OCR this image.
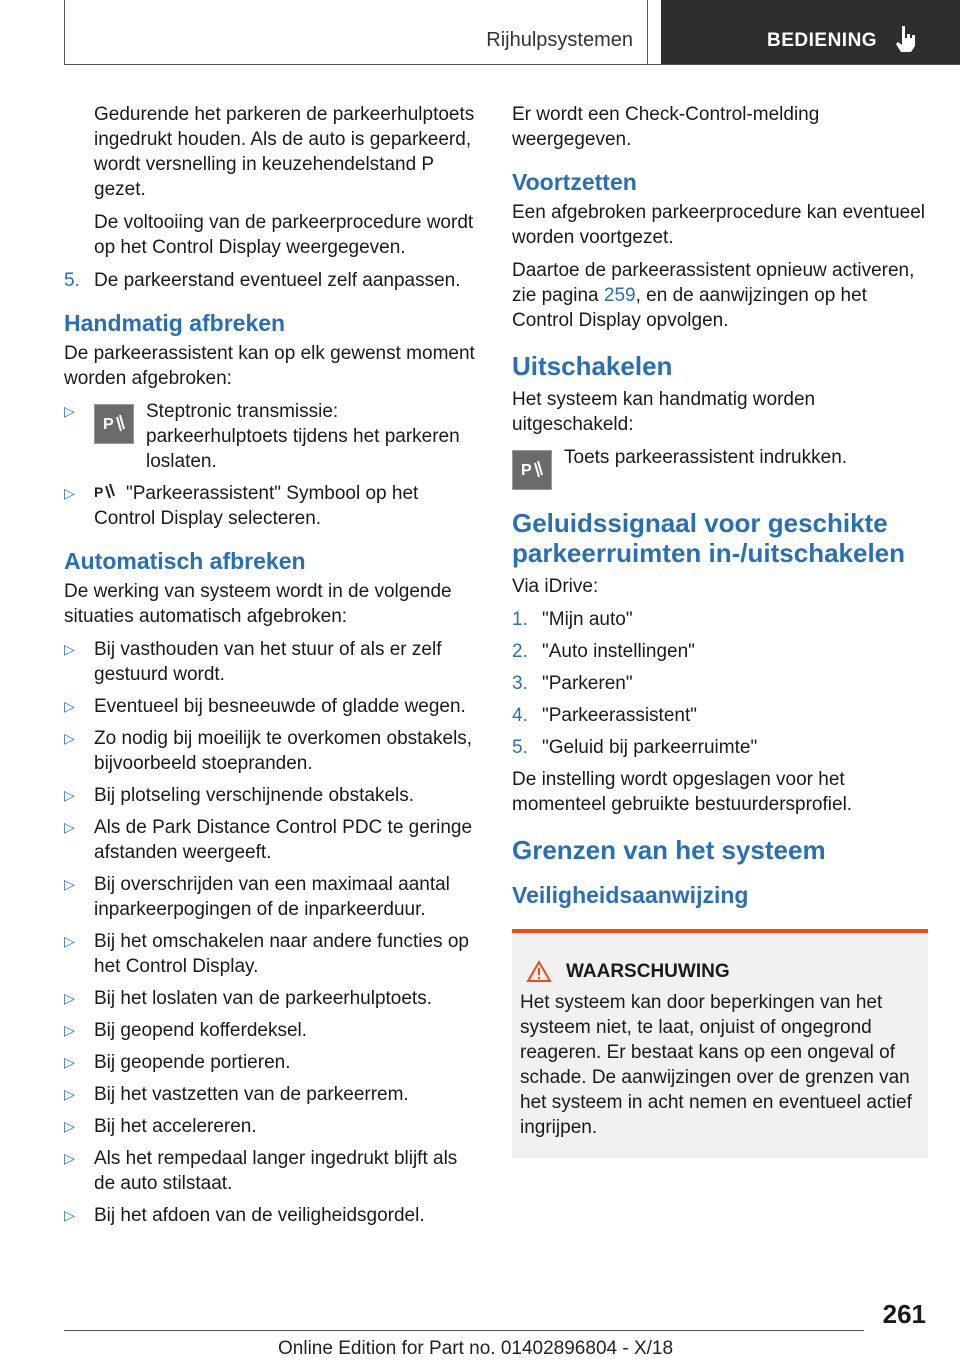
Rijhulpsystemen	BEDIENING

Gedurende het parkeren de parkeerhulptoets ingedrukt houden. Als de auto is geparkeerd, wordt versnelling in keuzehendelstand P gezet.

De voltooiing van de parkeerprocedure wordt op het Control Display weergegeven.

5. De parkeerstand eventueel zelf aanpassen.
Handmatig afbreken

De parkeerassistent kan op elk gewenst moment worden afgebroken:

▷
P
Steptronic transmissie: parkeerhulptoets tijdens het parkeren loslaten.
▷	P "Parkeerassistent" Symbool op het Control Display selecteren.
Automatisch afbreken

De werking van systeem wordt in de volgende situaties automatisch afgebroken:

▷	Bij vasthouden van het stuur of als er zelf gestuurd wordt.
▷	Eventueel bij besneeuwde of gladde wegen.
▷	Zo nodig bij moeilijk te overkomen obstakels, bijvoorbeeld stoepranden.
▷	Bij plotseling verschijnende obstakels.
▷	Als de Park Distance Control PDC te geringe afstanden weergeeft.
▷	Bij overschrijden van een maximaal aantal inparkeerpogingen of de inparkeerduur.
▷	Bij het omschakelen naar andere functies op het Control Display.
▷	Bij het loslaten van de parkeerhulptoets.
▷	Bij geopend kofferdeksel.
▷	Bij geopende portieren.
▷	Bij het vastzetten van de parkeerrem.
▷	Bij het accelereren.
▷	Als het rempedaal langer ingedrukt blijft als de auto stilstaat.
▷	Bij het afdoen van de veiligheidsgordel.

Er wordt een Check-Control-melding weergegeven.

Voortzetten

Een afgebroken parkeerprocedure kan eventueel worden voortgezet.

Daartoe de parkeerassistent opnieuw activeren, zie pagina 259, en de aanwijzingen op het Control Display opvolgen.

Uitschakelen

Het systeem kan handmatig worden uitgeschakeld:

P
Toets parkeerassistent indrukken.
Geluidssignaal voor geschikte parkeerruimten in-/uitschakelen

Via iDrive:

1. "Mijn auto"
2. "Auto instellingen"
3. "Parkeren"
4. "Parkeerassistent"
5. "Geluid bij parkeerruimte"

De instelling wordt opgeslagen voor het momenteel gebruikte bestuurdersprofiel.

Grenzen van het systeem
Veiligheidsaanwijzing
WAARSCHUWING
Het systeem kan door beperkingen van het systeem niet, te laat, onjuist of ongegrond reageren. Er bestaat kans op een ongeval of schade. De aanwijzingen over de grenzen van het systeem in acht nemen en eventueel actief ingrijpen.
261
Online Edition for Part no. 01402896804 - X/18
